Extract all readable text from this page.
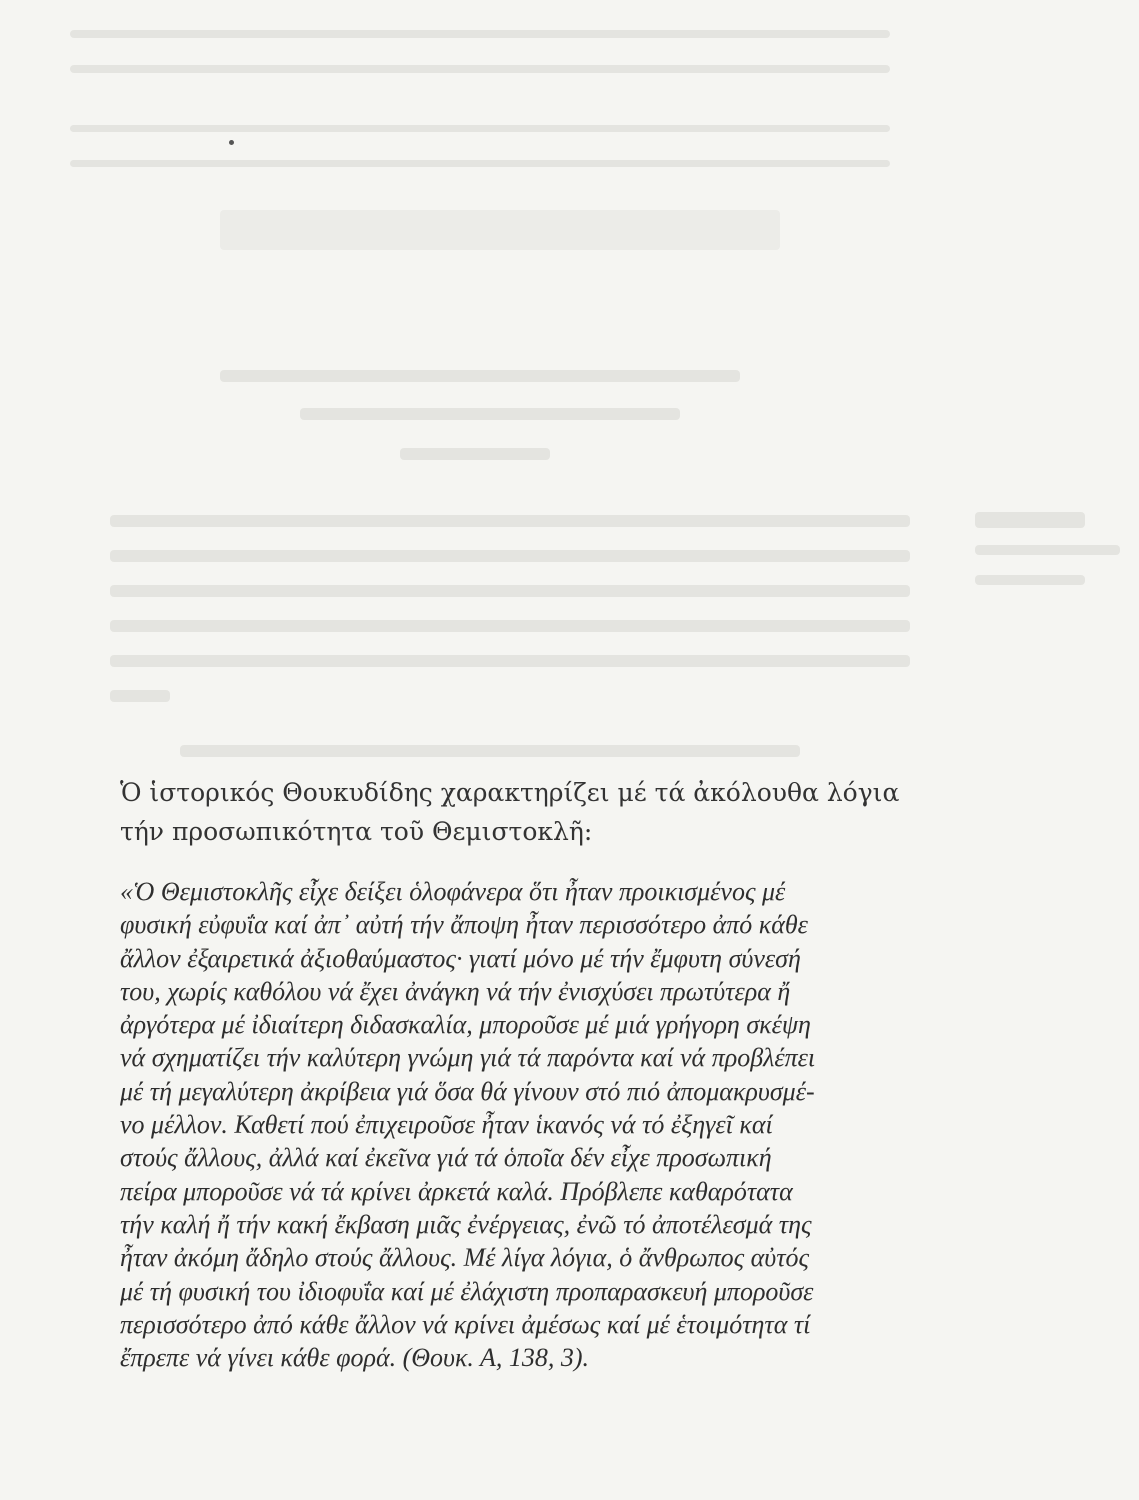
Ὁ ἱστορικός Θουκυδίδης χαρακτηρίζει μέ τά ἀκόλουθα λόγια
τήν προσωπικότητα τοῦ Θεμιστοκλῆ:
«Ὁ Θεμιστοκλῆς εἶχε δείξει ὁλοφάνερα ὅτι ἦταν προικισμένος μέ
φυσική εὐφυΐα καί ἀπ᾽ αὐτή τήν ἄποψη ἦταν περισσότερο ἀπό κάθε
ἄλλον ἐξαιρετικά ἀξιοθαύμαστος· γιατί μόνο μέ τήν ἔμφυτη σύνεσή
του, χωρίς καθόλου νά ἔχει ἀνάγκη νά τήν ἐνισχύσει πρωτύτερα ἤ
ἀργότερα μέ ἰδιαίτερη διδασκαλία, μποροῦσε μέ μιά γρήγορη σκέψη
νά σχηματίζει τήν καλύτερη γνώμη γιά τά παρόντα καί νά προβλέπει
μέ τή μεγαλύτερη ἀκρίβεια γιά ὅσα θά γίνουν στό πιό ἀπομακρυσμέ-
νο μέλλον. Καθετί πού ἐπιχειροῦσε ἦταν ἱκανός νά τό ἐξηγεῖ καί
στούς ἄλλους, ἀλλά καί ἐκεῖνα γιά τά ὁποῖα δέν εἶχε προσωπική
πείρα μποροῦσε νά τά κρίνει ἀρκετά καλά. Πρόβλεπε καθαρότατα
τήν καλή ἤ τήν κακή ἔκβαση μιᾶς ἐνέργειας, ἐνῶ τό ἀποτέλεσμά της
ἦταν ἀκόμη ἄδηλο στούς ἄλλους. Μέ λίγα λόγια, ὁ ἄνθρωπος αὐτός
μέ τή φυσική του ἰδιοφυΐα καί μέ ἐλάχιστη προπαρασκευή μποροῦσε
περισσότερο ἀπό κάθε ἄλλον νά κρίνει ἀμέσως καί μέ ἑτοιμότητα τί
ἔπρεπε νά γίνει κάθε φορά. (Θουκ. Α, 138, 3).
